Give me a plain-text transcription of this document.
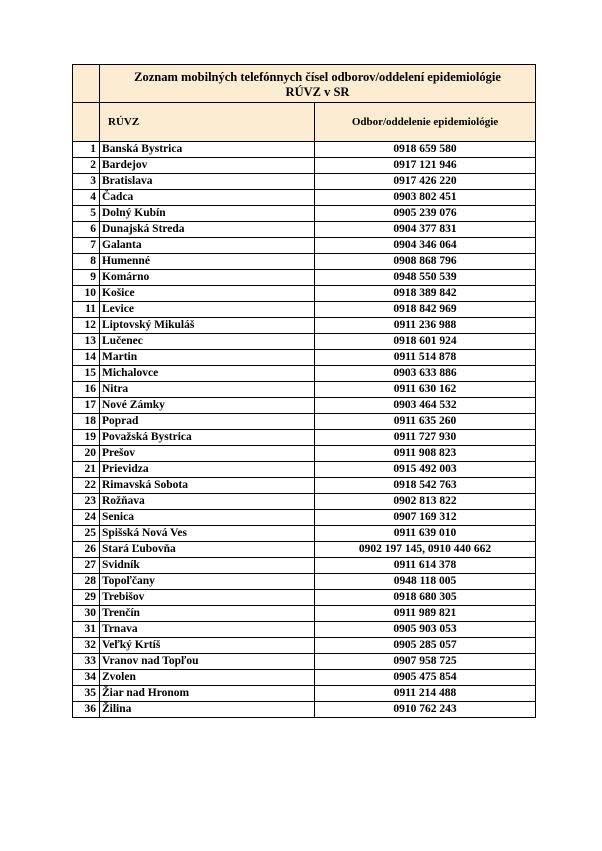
	Zoznam mobilných telefónnych čísel odborov/oddelení epidemiológie
RÚVZ v SR	

	RÚVZ	Odbor/oddelenie epidemiológie
1	Banská Bystrica	0918 659 580
2	Bardejov	0917 121 946
3	Bratislava	0917 426 220
4	Čadca	0903 802 451
5	Dolný Kubín	0905 239 076
6	Dunajská Streda	0904 377 831
7	Galanta	0904 346 064
8	Humenné	0908 868 796
9	Komárno	0948 550 539
10	Košice	0918 389 842
11	Levice	0918 842 969
12	Liptovský Mikuláš	0911 236 988
13	Lučenec	0918 601 924
14	Martin	0911 514 878
15	Michalovce	0903 633 886
16	Nitra	0911 630 162
17	Nové Zámky	0903 464 532
18	Poprad	0911 635 260
19	Považská Bystrica	0911 727 930
20	Prešov	0911 908 823
21	Prievidza	0915 492 003
22	Rimavská Sobota	0918 542 763
23	Rožňava	0902 813 822
24	Senica	0907 169 312
25	Spišská Nová Ves	0911 639 010
26	Stará Ľubovňa	0902 197 145, 0910 440 662
27	Svidník	0911 614 378
28	Topoľčany	0948 118 005
29	Trebišov	0918 680 305
30	Trenčín	0911 989 821
31	Trnava	0905 903 053
32	Veľký Krtíš	0905 285 057
33	Vranov nad Topľou	0907 958 725
34	Zvolen	0905 475 854
35	Žiar nad Hronom	0911 214 488
36	Žilina	0910 762 243
